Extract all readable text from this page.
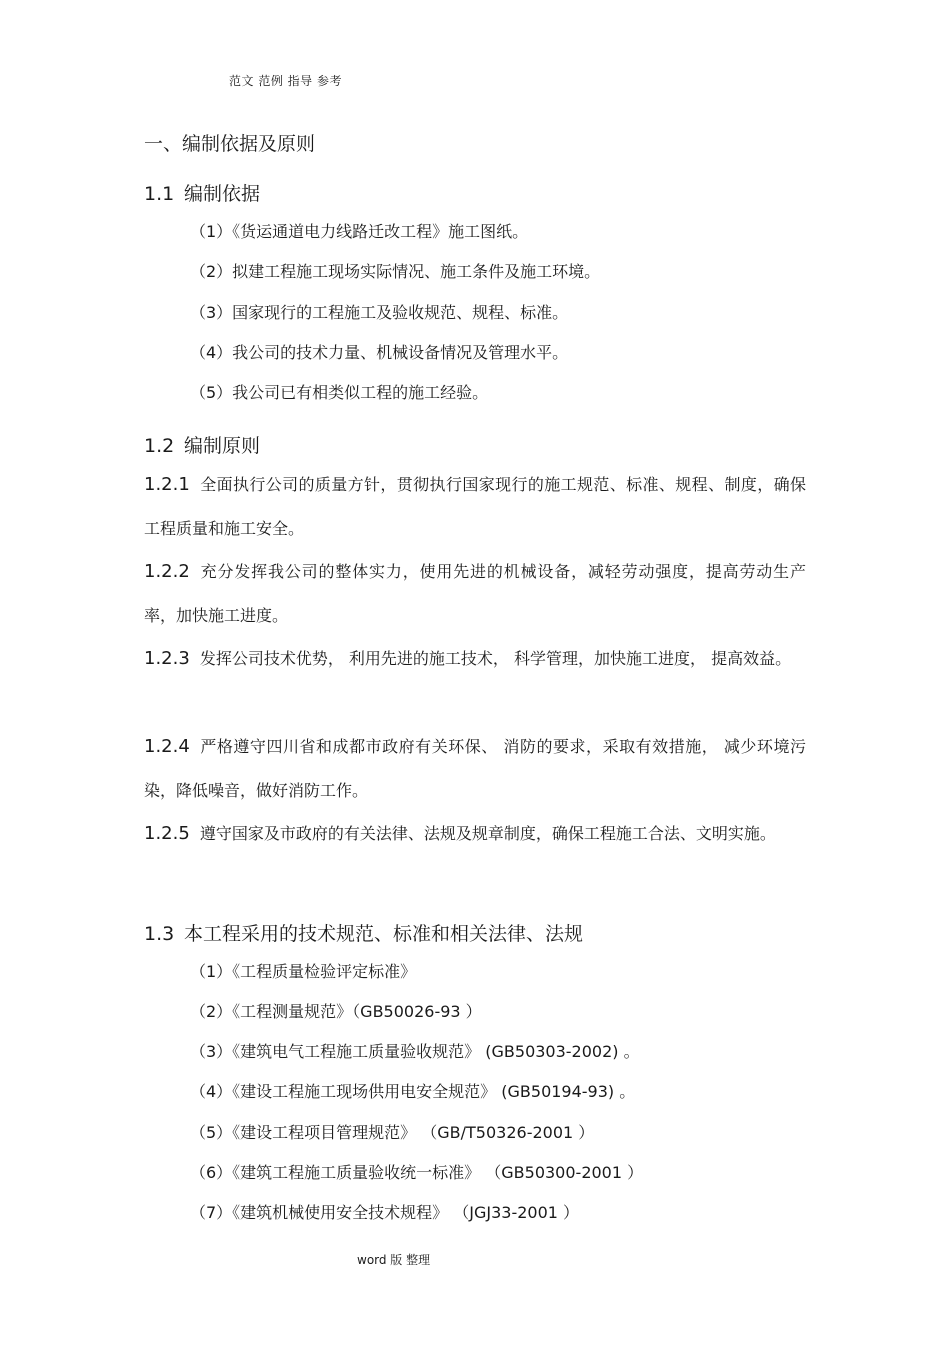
范文 范例 指导 参考
一、编制依据及原则
1.1 编制依据
（1）《货运通道电力线路迁改工程》施工图纸。
（2）拟建工程施工现场实际情况、施工条件及施工环境。
（3）国家现行的工程施工及验收规范、规程、标准。
（4）我公司的技术力量、机械设备情况及管理水平。
（5）我公司已有相类似工程的施工经验。
1.2 编制原则
1.2.1 全面执行公司的质量方针，贯彻执行国家现行的施工规范、标准、规程、制度，确保工程质量和施工安全。
1.2.2 充分发挥我公司的整体实力，使用先进的机械设备，减轻劳动强度，提高劳动生产率，加快施工进度。
1.2.3 发挥公司技术优势， 利用先进的施工技术， 科学管理，加快施工进度， 提高效益。
1.2.4 严格遵守四川省和成都市政府有关环保、 消防的要求，采取有效措施， 减少环境污染，降低噪音，做好消防工作。
1.2.5 遵守国家及市政府的有关法律、法规及规章制度，确保工程施工合法、文明实施。
1.3 本工程采用的技术规范、标准和相关法律、法规
（1）《工程质量检验评定标准》
（2）《工程测量规范》（GB50026-93 ）
（3）《建筑电气工程施工质量验收规范》 (GB50303-2002) 。
（4）《建设工程施工现场供用电安全规范》 (GB50194-93) 。
（5）《建设工程项目管理规范》 （GB/T50326-2001 ）
（6）《建筑工程施工质量验收统一标准》 （GB50300-2001 ）
（7）《建筑机械使用安全技术规程》 （JGJ33-2001 ）
word 版 整理
